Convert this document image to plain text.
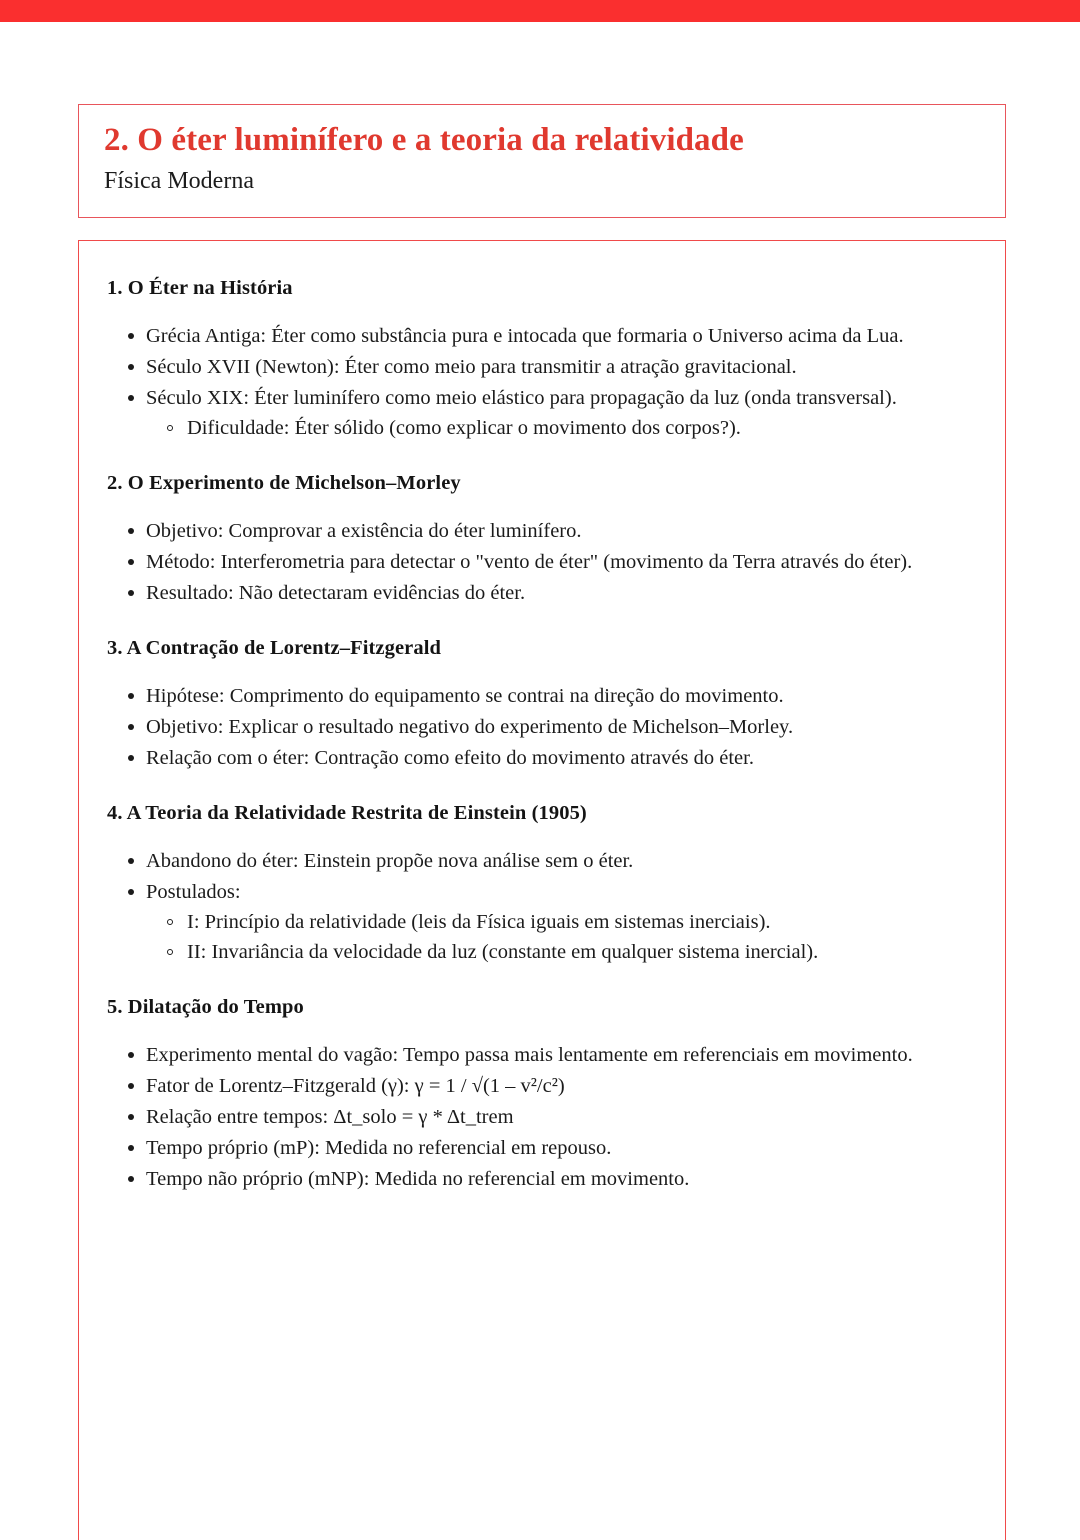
2. O éter luminífero e a teoria da relatividade

Física Moderna

1. O Éter na História
Grécia Antiga: Éter como substância pura e intocada que formaria o Universo acima da Lua.
Século XVII (Newton): Éter como meio para transmitir a atração gravitacional.
Século XIX: Éter luminífero como meio elástico para propagação da luz (onda transversal).
Dificuldade: Éter sólido (como explicar o movimento dos corpos?).
2. O Experimento de Michelson–Morley
Objetivo: Comprovar a existência do éter luminífero.
Método: Interferometria para detectar o "vento de éter" (movimento da Terra através do éter).
Resultado: Não detectaram evidências do éter.
3. A Contração de Lorentz–Fitzgerald
Hipótese: Comprimento do equipamento se contrai na direção do movimento.
Objetivo: Explicar o resultado negativo do experimento de Michelson–Morley.
Relação com o éter: Contração como efeito do movimento através do éter.
4. A Teoria da Relatividade Restrita de Einstein (1905)
Abandono do éter: Einstein propõe nova análise sem o éter.
Postulados:
I: Princípio da relatividade (leis da Física iguais em sistemas inerciais).
II: Invariância da velocidade da luz (constante em qualquer sistema inercial).
5. Dilatação do Tempo
Experimento mental do vagão: Tempo passa mais lentamente em referenciais em movimento.
Fator de Lorentz–Fitzgerald (γ): γ = 1 / √(1 – v²/c²)
Relação entre tempos: Δt_solo = γ * Δt_trem
Tempo próprio (mP): Medida no referencial em repouso.
Tempo não próprio (mNP): Medida no referencial em movimento.
